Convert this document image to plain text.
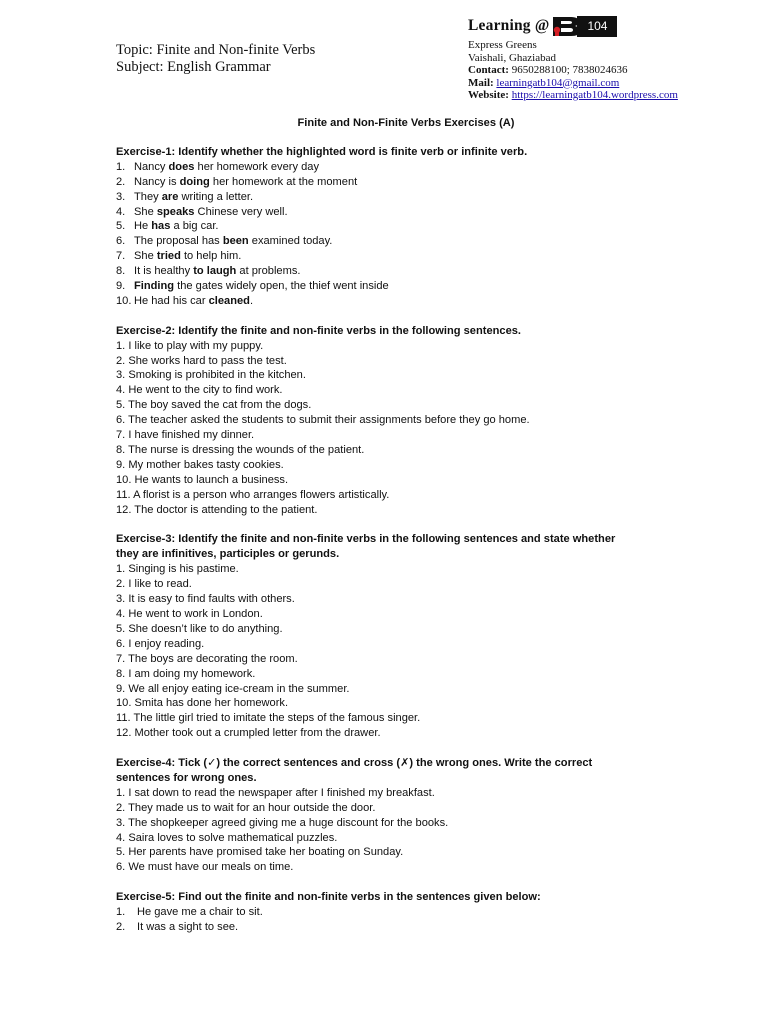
Topic: Finite and Non-finite Verbs
Subject: English Grammar
Learning @	104
Express Greens
Vaishali, Ghaziabad
Contact: 9650288100; 7838024636
Mail: learningatb104@gmail.com
Website: https://learningatb104.wordpress.com
Finite and Non-Finite Verbs Exercises (A)
Exercise-1: Identify whether the highlighted word is finite verb or infinite verb.
1. Nancy does her homework every day
2. Nancy is doing her homework at the moment
3. They are writing a letter.
4. She speaks Chinese very well.
5. He has a big car.
6. The proposal has been examined today.
7. She tried to help him.
8. It is healthy to laugh at problems.
9. Finding the gates widely open, the thief went inside
10. He had his car cleaned.
Exercise-2: Identify the finite and non-finite verbs in the following sentences.
1. I like to play with my puppy.
2. She works hard to pass the test.
3. Smoking is prohibited in the kitchen.
4. He went to the city to find work.
5. The boy saved the cat from the dogs.
6. The teacher asked the students to submit their assignments before they go home.
7. I have finished my dinner.
8. The nurse is dressing the wounds of the patient.
9. My mother bakes tasty cookies.
10. He wants to launch a business.
11. A florist is a person who arranges flowers artistically.
12. The doctor is attending to the patient.
Exercise-3: Identify the finite and non-finite verbs in the following sentences and state whether
they are infinitives, participles or gerunds.
1. Singing is his pastime.
2. I like to read.
3. It is easy to find faults with others.
4. He went to work in London.
5. She doesn’t like to do anything.
6. I enjoy reading.
7. The boys are decorating the room.
8. I am doing my homework.
9. We all enjoy eating ice-cream in the summer.
10. Smita has done her homework.
11. The little girl tried to imitate the steps of the famous singer.
12. Mother took out a crumpled letter from the drawer.
Exercise-4: Tick (✓) the correct sentences and cross (✗) the wrong ones. Write the correct
sentences for wrong ones.
1. I sat down to read the newspaper after I finished my breakfast.
2. They made us to wait for an hour outside the door.
3. The shopkeeper agreed giving me a huge discount for the books.
4. Saira loves to solve mathematical puzzles.
5. Her parents have promised take her boating on Sunday.
6. We must have our meals on time.
Exercise-5: Find out the finite and non-finite verbs in the sentences given below:
1. He gave me a chair to sit.
2. It was a sight to see.
